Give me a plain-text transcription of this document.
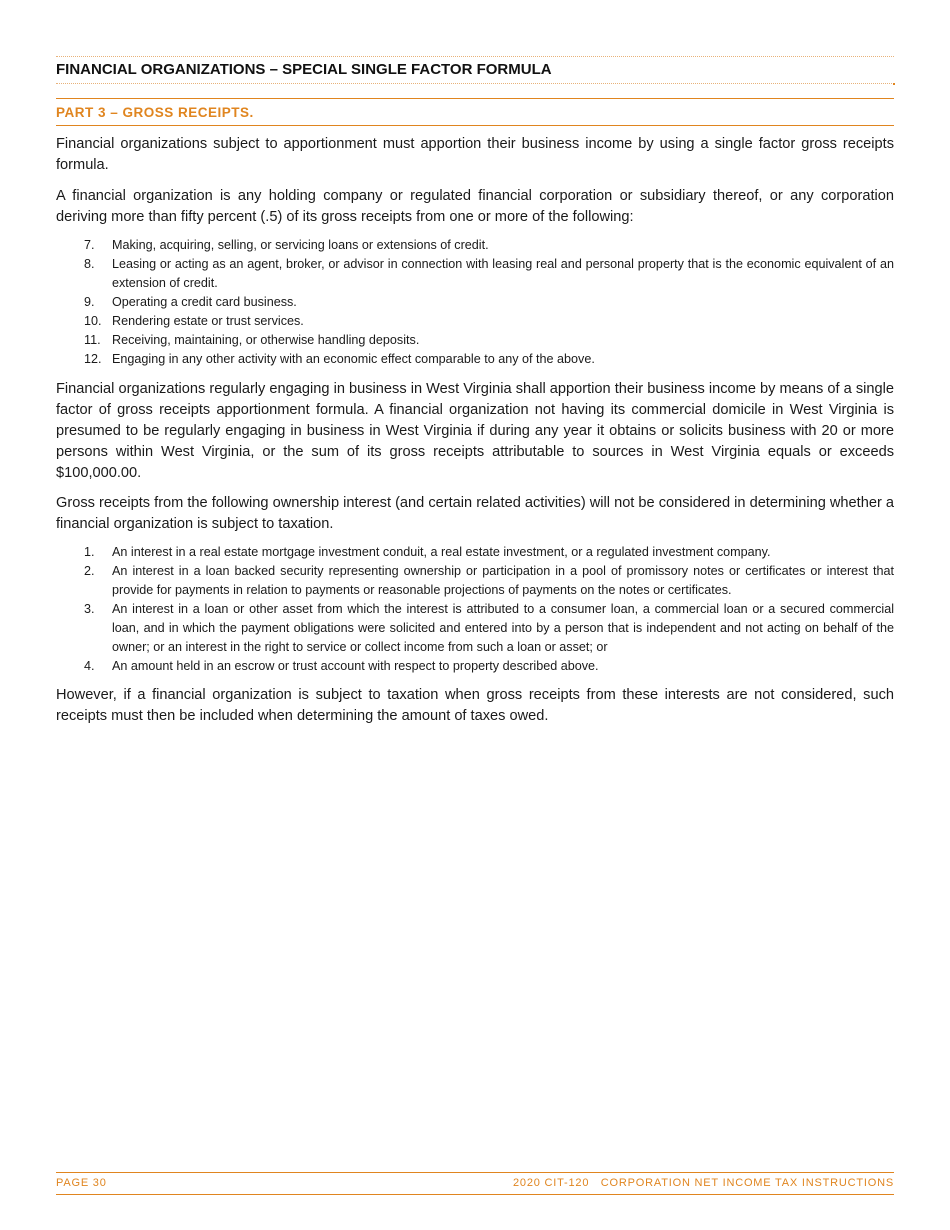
FINANCIAL ORGANIZATIONS – SPECIAL SINGLE FACTOR FORMULA
PART 3 – GROSS RECEIPTS.

Financial organizations subject to apportionment must apportion their business income by using a single factor gross receipts formula.

A financial organization is any holding company or regulated financial corporation or subsidiary thereof, or any corporation deriving more than fifty percent (.5) of its gross receipts from one or more of the following:

7. Making, acquiring, selling, or servicing loans or extensions of credit.
8. Leasing or acting as an agent, broker, or advisor in connection with leasing real and personal property that is the economic equivalent of an extension of credit.
9. Operating a credit card business.
10. Rendering estate or trust services.
11. Receiving, maintaining, or otherwise handling deposits.
12. Engaging in any other activity with an economic effect comparable to any of the above.

Financial organizations regularly engaging in business in West Virginia shall apportion their business income by means of a single factor of gross receipts apportionment formula. A financial organization not having its commercial domicile in West Virginia is presumed to be regularly engaging in business in West Virginia if during any year it obtains or solicits business with 20 or more persons within West Virginia, or the sum of its gross receipts attributable to sources in West Virginia equals or exceeds $100,000.00.

Gross receipts from the following ownership interest (and certain related activities) will not be considered in determining whether a financial organization is subject to taxation.

1. An interest in a real estate mortgage investment conduit, a real estate investment, or a regulated investment company.
2. An interest in a loan backed security representing ownership or participation in a pool of promissory notes or certificates or interest that provide for payments in relation to payments or reasonable projections of payments on the notes or certificates.
3. An interest in a loan or other asset from which the interest is attributed to a consumer loan, a commercial loan or a secured commercial loan, and in which the payment obligations were solicited and entered into by a person that is independent and not acting on behalf of the owner; or an interest in the right to service or collect income from such a loan or asset; or
4. An amount held in an escrow or trust account with respect to property described above.

However, if a financial organization is subject to taxation when gross receipts from these interests are not considered, such receipts must then be included when determining the amount of taxes owed.

PAGE 30	2020 CIT-120   CORPORATION NET INCOME TAX INSTRUCTIONS
